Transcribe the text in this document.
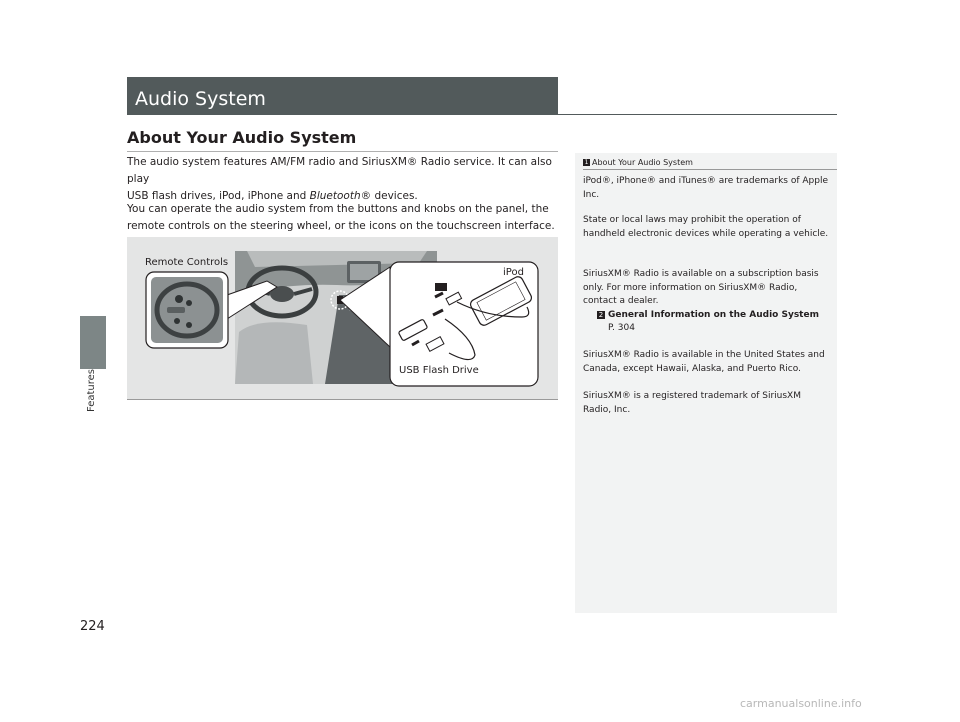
Features
224
Audio System
About Your Audio System
The audio system features AM/FM radio and SiriusXM® Radio service. It can also play
USB flash drives, iPod, iPhone and Bluetooth® devices.
You can operate the audio system from the buttons and knobs on the panel, the
remote controls on the steering wheel, or the icons on the touchscreen interface.
Remote Controls
iPod
USB Flash Drive
1 About Your Audio System
iPod®, iPhone® and iTunes® are trademarks of Apple Inc.
State or local laws may prohibit the operation of handheld electronic devices while operating a vehicle.
SiriusXM® Radio is available on a subscription basis only. For more information on SiriusXM® Radio, contact a dealer.
2 General Information on the Audio System
P. 304
SiriusXM® Radio is available in the United States and Canada, except Hawaii, Alaska, and Puerto Rico.
SiriusXM® is a registered trademark of SiriusXM Radio, Inc.
carmanualsonline.info
